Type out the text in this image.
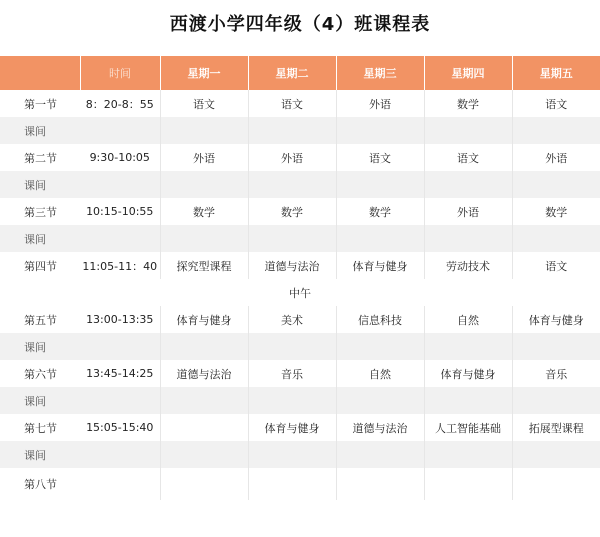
西渡小学四年级（4）班课程表
	时间	星期一	星期二	星期三	星期四	星期五
第一节	8：20-8：55	语文	语文	外语	数学	语文
课间						
第二节	9:30-10:05	外语	外语	语文	语文	外语
课间						
第三节	10:15-10:55	数学	数学	数学	外语	数学
课间						
第四节	11:05-11：40	探究型课程	道德与法治	体育与健身	劳动技术	语文
中午						
第五节	13:00-13:35	体育与健身	美术	信息科技	自然	体育与健身
课间						
第六节	13:45-14:25	道德与法治	音乐	自然	体育与健身	音乐
课间						
第七节	15:05-15:40		体育与健身	道德与法治	人工智能基础	拓展型课程
课间						
第八节						
